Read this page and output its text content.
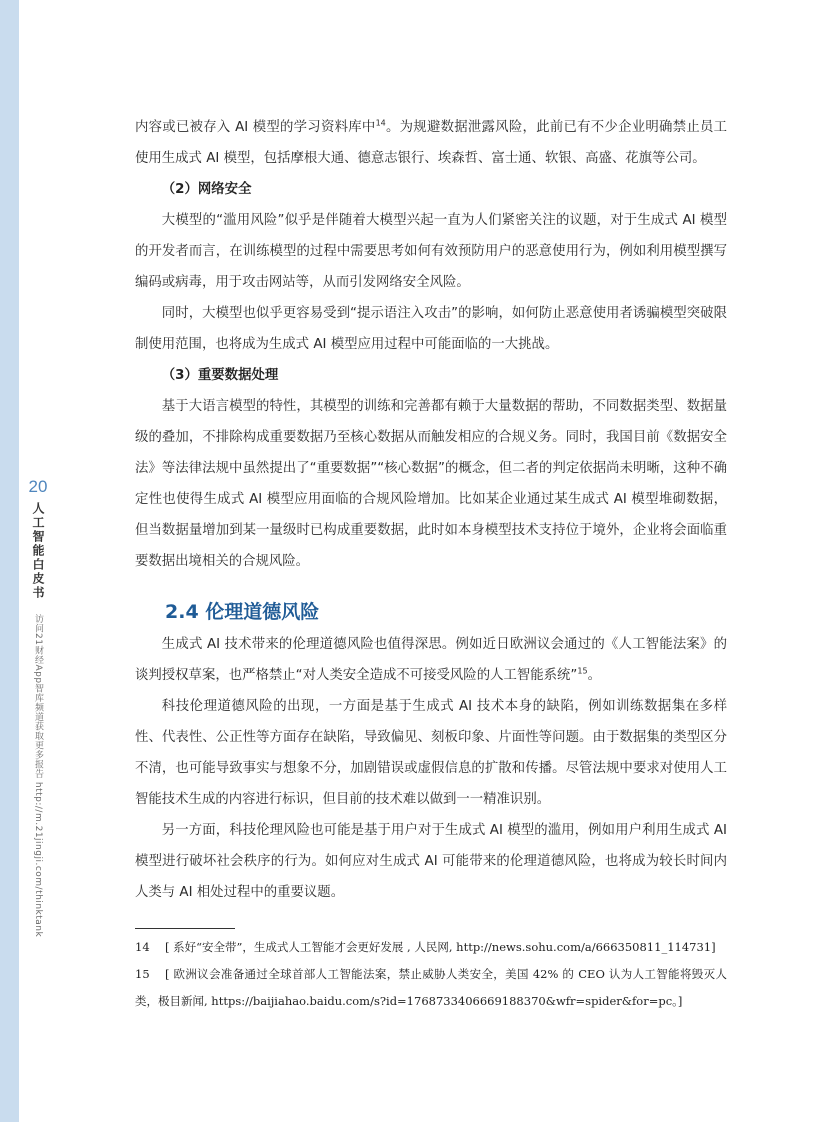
20
人工智能白皮书
访问21财经App智库频道获取更多报告 http://m.21jingji.com/thinktank

内容或已被存入 AI 模型的学习资料库中$^{14}$。为规避数据泄露风险，此前已有不少企业明确禁止员工使用生成式 AI 模型，包括摩根大通、德意志银行、埃森哲、富士通、软银、高盛、花旗等公司。

（2）网络安全

大模型的“滥用风险”似乎是伴随着大模型兴起一直为人们紧密关注的议题，对于生成式 AI 模型的开发者而言，在训练模型的过程中需要思考如何有效预防用户的恶意使用行为，例如利用模型撰写编码或病毒，用于攻击网站等，从而引发网络安全风险。

同时，大模型也似乎更容易受到“提示语注入攻击”的影响，如何防止恶意使用者诱骗模型突破限制使用范围，也将成为生成式 AI 模型应用过程中可能面临的一大挑战。

（3）重要数据处理

基于大语言模型的特性，其模型的训练和完善都有赖于大量数据的帮助，不同数据类型、数据量级的叠加，不排除构成重要数据乃至核心数据从而触发相应的合规义务。同时，我国目前《数据安全法》等法律法规中虽然提出了“重要数据”“核心数据”的概念，但二者的判定依据尚未明晰，这种不确定性也使得生成式 AI 模型应用面临的合规风险增加。比如某企业通过某生成式 AI 模型堆砌数据，但当数据量增加到某一量级时已构成重要数据，此时如本身模型技术支持位于境外，企业将会面临重要数据出境相关的合规风险。

2.4 伦理道德风险

生成式 AI 技术带来的伦理道德风险也值得深思。例如近日欧洲议会通过的《人工智能法案》的谈判授权草案，也严格禁止“对人类安全造成不可接受风险的人工智能系统”$^{15}$。

科技伦理道德风险的出现，一方面是基于生成式 AI 技术本身的缺陷，例如训练数据集在多样性、代表性、公正性等方面存在缺陷，导致偏见、刻板印象、片面性等问题。由于数据集的类型区分不清，也可能导致事实与想象不分，加剧错误或虚假信息的扩散和传播。尽管法规中要求对使用人工智能技术生成的内容进行标识，但目前的技术难以做到一一精准识别。

另一方面，科技伦理风险也可能是基于用户对于生成式 AI 模型的滥用，例如用户利用生成式 AI 模型进行破坏社会秩序的行为。如何应对生成式 AI 可能带来的伦理道德风险，也将成为较长时间内人类与 AI 相处过程中的重要议题。

14 [ 系好“安全带”，生成式人工智能才会更好发展 , 人民网, http://news.sohu.com/a/666350811_114731]

15 [ 欧洲议会准备通过全球首部人工智能法案，禁止威胁人类安全，美国 42% 的 CEO 认为人工智能将毁灭人类，极目新闻, https://baijiahao.baidu.com/s?id=1768733406669188370&wfr=spider&for=pc。]
